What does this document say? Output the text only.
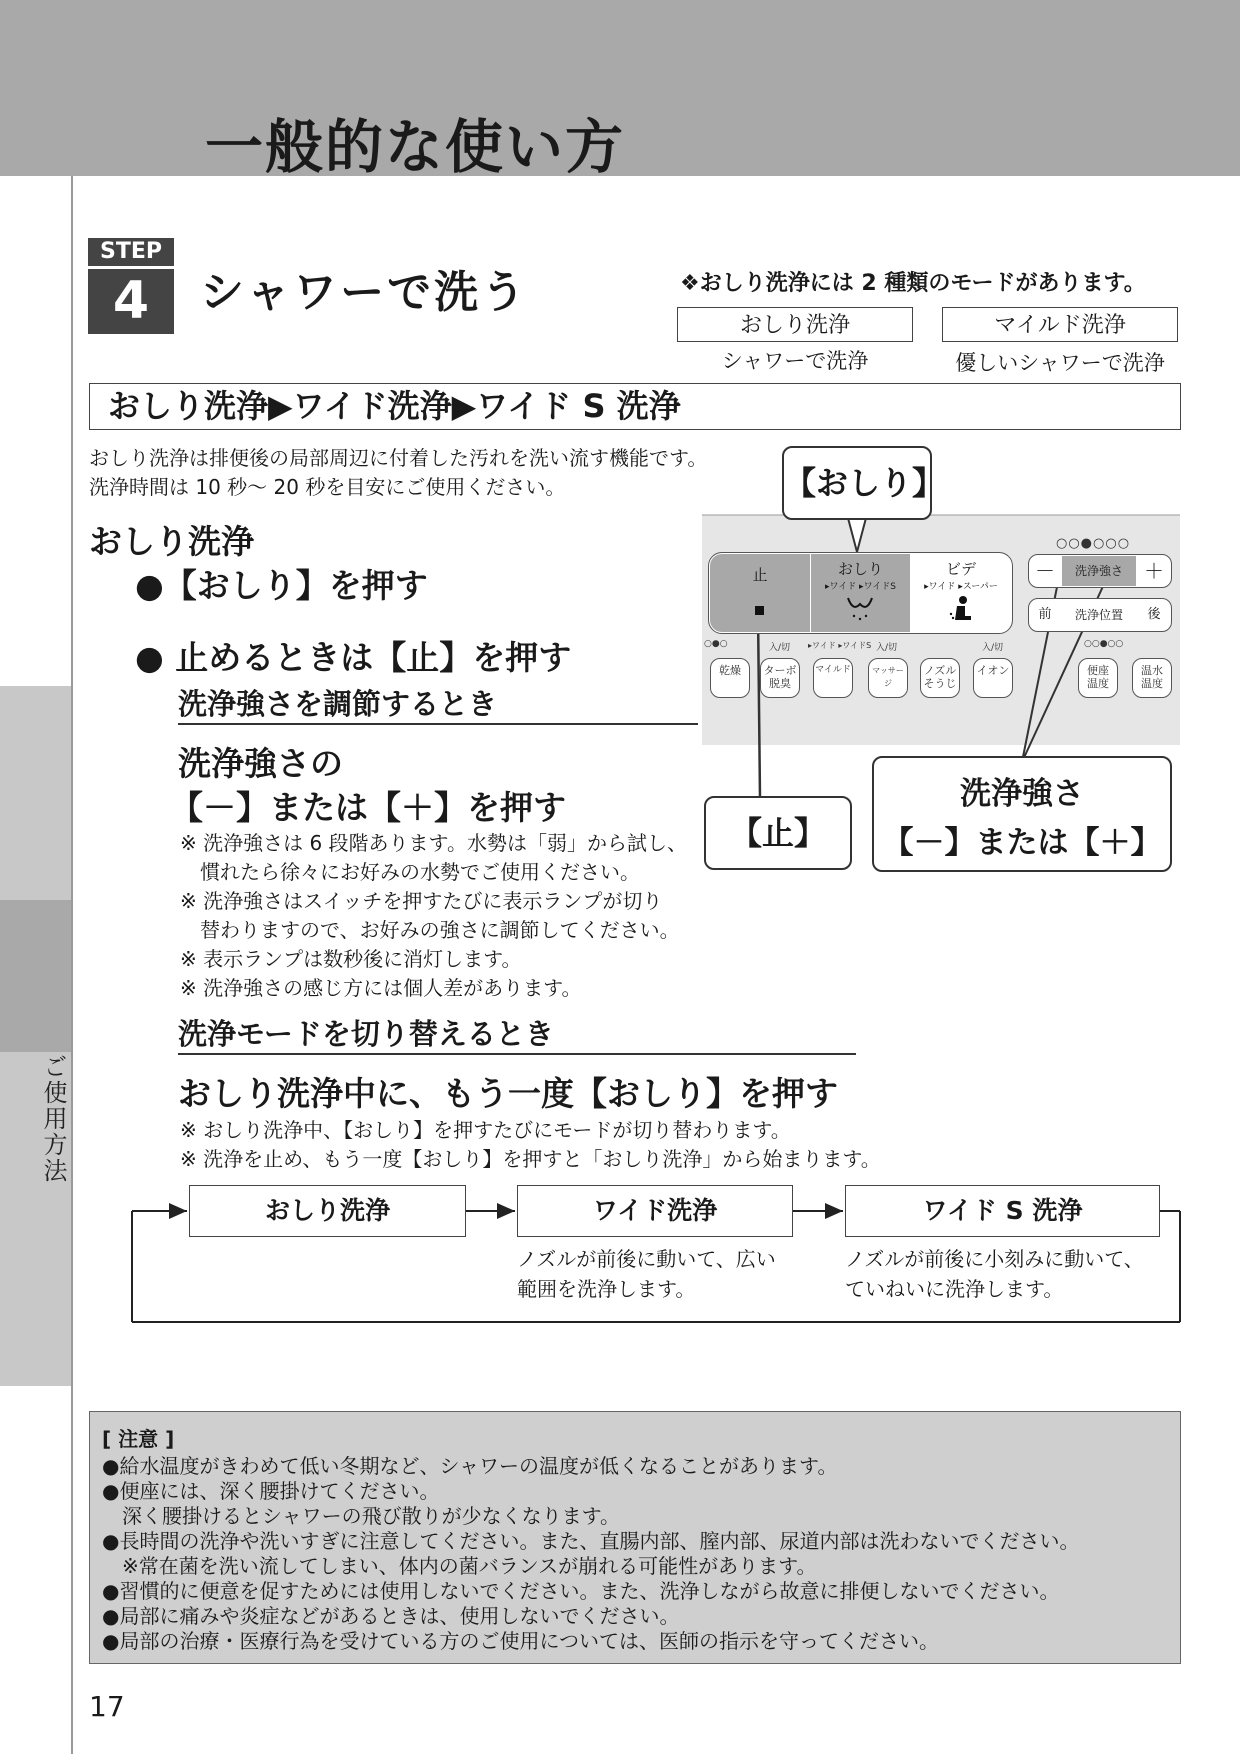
一般的な使い方
ご使用方法
STEP
4	シャワーで洗う	❖おしり洗浄には 2 種類のモードがあります。
おしり洗浄	マイルド洗浄
シャワーで洗浄	優しいシャワーで洗浄
おしり洗浄▶ワイド洗浄▶ワイド S 洗浄
おしり洗浄は排便後の局部周辺に付着した汚れを洗い流す機能です。
洗浄時間は 10 秒～ 20 秒を目安にご使用ください。
おしり洗浄
●【おしり】を押す
● 止めるときは【止】を押す
洗浄強さを調節するとき
洗浄強さの
【－】または【＋】を押す
※ 洗浄強さは 6 段階あります。水勢は「弱」から試し、
　慣れたら徐々にお好みの水勢でご使用ください。
※ 洗浄強さはスイッチを押すたびに表示ランプが切り
　替わりますので、お好みの強さに調節してください。
※ 表示ランプは数秒後に消灯します。
※ 洗浄強さの感じ方には個人差があります。
洗浄モードを切り替えるとき
おしり洗浄中に、もう一度【おしり】を押す
※ おしり洗浄中、【おしり】を押すたびにモードが切り替わります。
※ 洗浄を止め、もう一度【おしり】を押すと「おしり洗浄」から始まります。
止	おしり
▸ワイド ▸ワイドS
ビデ
▸ワイド ▸スーパー
○○●○○○
－	洗浄強さ	＋
前	洗浄位置	後
○●○	入/切 ▸ワイド ▸ワイドS 入/切	入/切	○○●○○
乾燥	ターボ
脱臭
マイルド	マッサージ
ノズル
そうじ
イオン	便座
温度
温水
温度
【おしり】
【止】
洗浄強さ
【－】または【＋】
おしり洗浄	ワイド洗浄	ワイド S 洗浄
ノズルが前後に動いて、広い
範囲を洗浄します。
ノズルが前後に小刻みに動いて、
ていねいに洗浄します。
[ 注意 ]
●給水温度がきわめて低い冬期など、シャワーの温度が低くなることがあります。
●便座には、深く腰掛けてください。
　深く腰掛けるとシャワーの飛び散りが少なくなります。
●長時間の洗浄や洗いすぎに注意してください。また、直腸内部、膣内部、尿道内部は洗わないでください。
　※常在菌を洗い流してしまい、体内の菌バランスが崩れる可能性があります。
●習慣的に便意を促すためには使用しないでください。また、洗浄しながら故意に排便しないでください。
●局部に痛みや炎症などがあるときは、使用しないでください。
●局部の治療・医療行為を受けている方のご使用については、医師の指示を守ってください。
17
